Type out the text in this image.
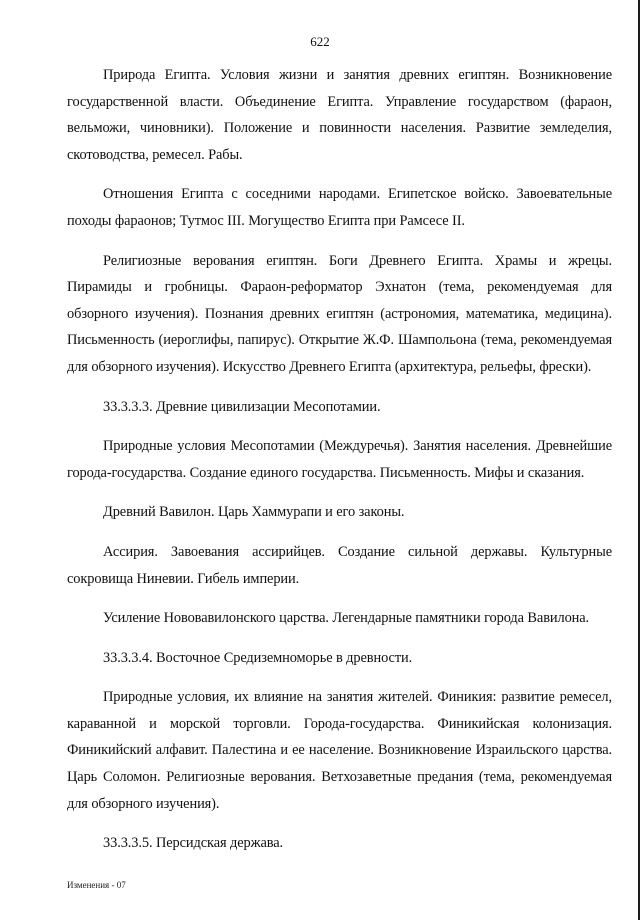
622

Природа Египта. Условия жизни и занятия древних египтян. Возникновение государственной власти. Объединение Египта. Управление государством (фараон, вельможи, чиновники). Положение и повинности населения. Развитие земледелия, скотоводства, ремесел. Рабы.

Отношения Египта с соседними народами. Египетское войско. Завоевательные походы фараонов; Тутмос III. Могущество Египта при Рамсесе II.

Религиозные верования египтян. Боги Древнего Египта. Храмы и жрецы. Пирамиды и гробницы. Фараон-реформатор Эхнатон (тема, рекомендуемая для обзорного изучения). Познания древних египтян (астрономия, математика, медицина). Письменность (иероглифы, папирус). Открытие Ж.Ф. Шампольона (тема, рекомендуемая для обзорного изучения). Искусство Древнего Египта (архитектура, рельефы, фрески).

33.3.3.3. Древние цивилизации Месопотамии.

Природные условия Месопотамии (Междуречья). Занятия населения. Древнейшие города-государства. Создание единого государства. Письменность. Мифы и сказания.

Древний Вавилон. Царь Хаммурапи и его законы.

Ассирия. Завоевания ассирийцев. Создание сильной державы. Культурные сокровища Ниневии. Гибель империи.

Усиление Нововавилонского царства. Легендарные памятники города Вавилона.

33.3.3.4. Восточное Средиземноморье в древности.

Природные условия, их влияние на занятия жителей. Финикия: развитие ремесел, караванной и морской торговли. Города-государства. Финикийская колонизация. Финикийский алфавит. Палестина и ее население. Возникновение Израильского царства. Царь Соломон. Религиозные верования. Ветхозаветные предания (тема, рекомендуемая для обзорного изучения).

33.3.3.5. Персидская держава.

Изменения - 07
